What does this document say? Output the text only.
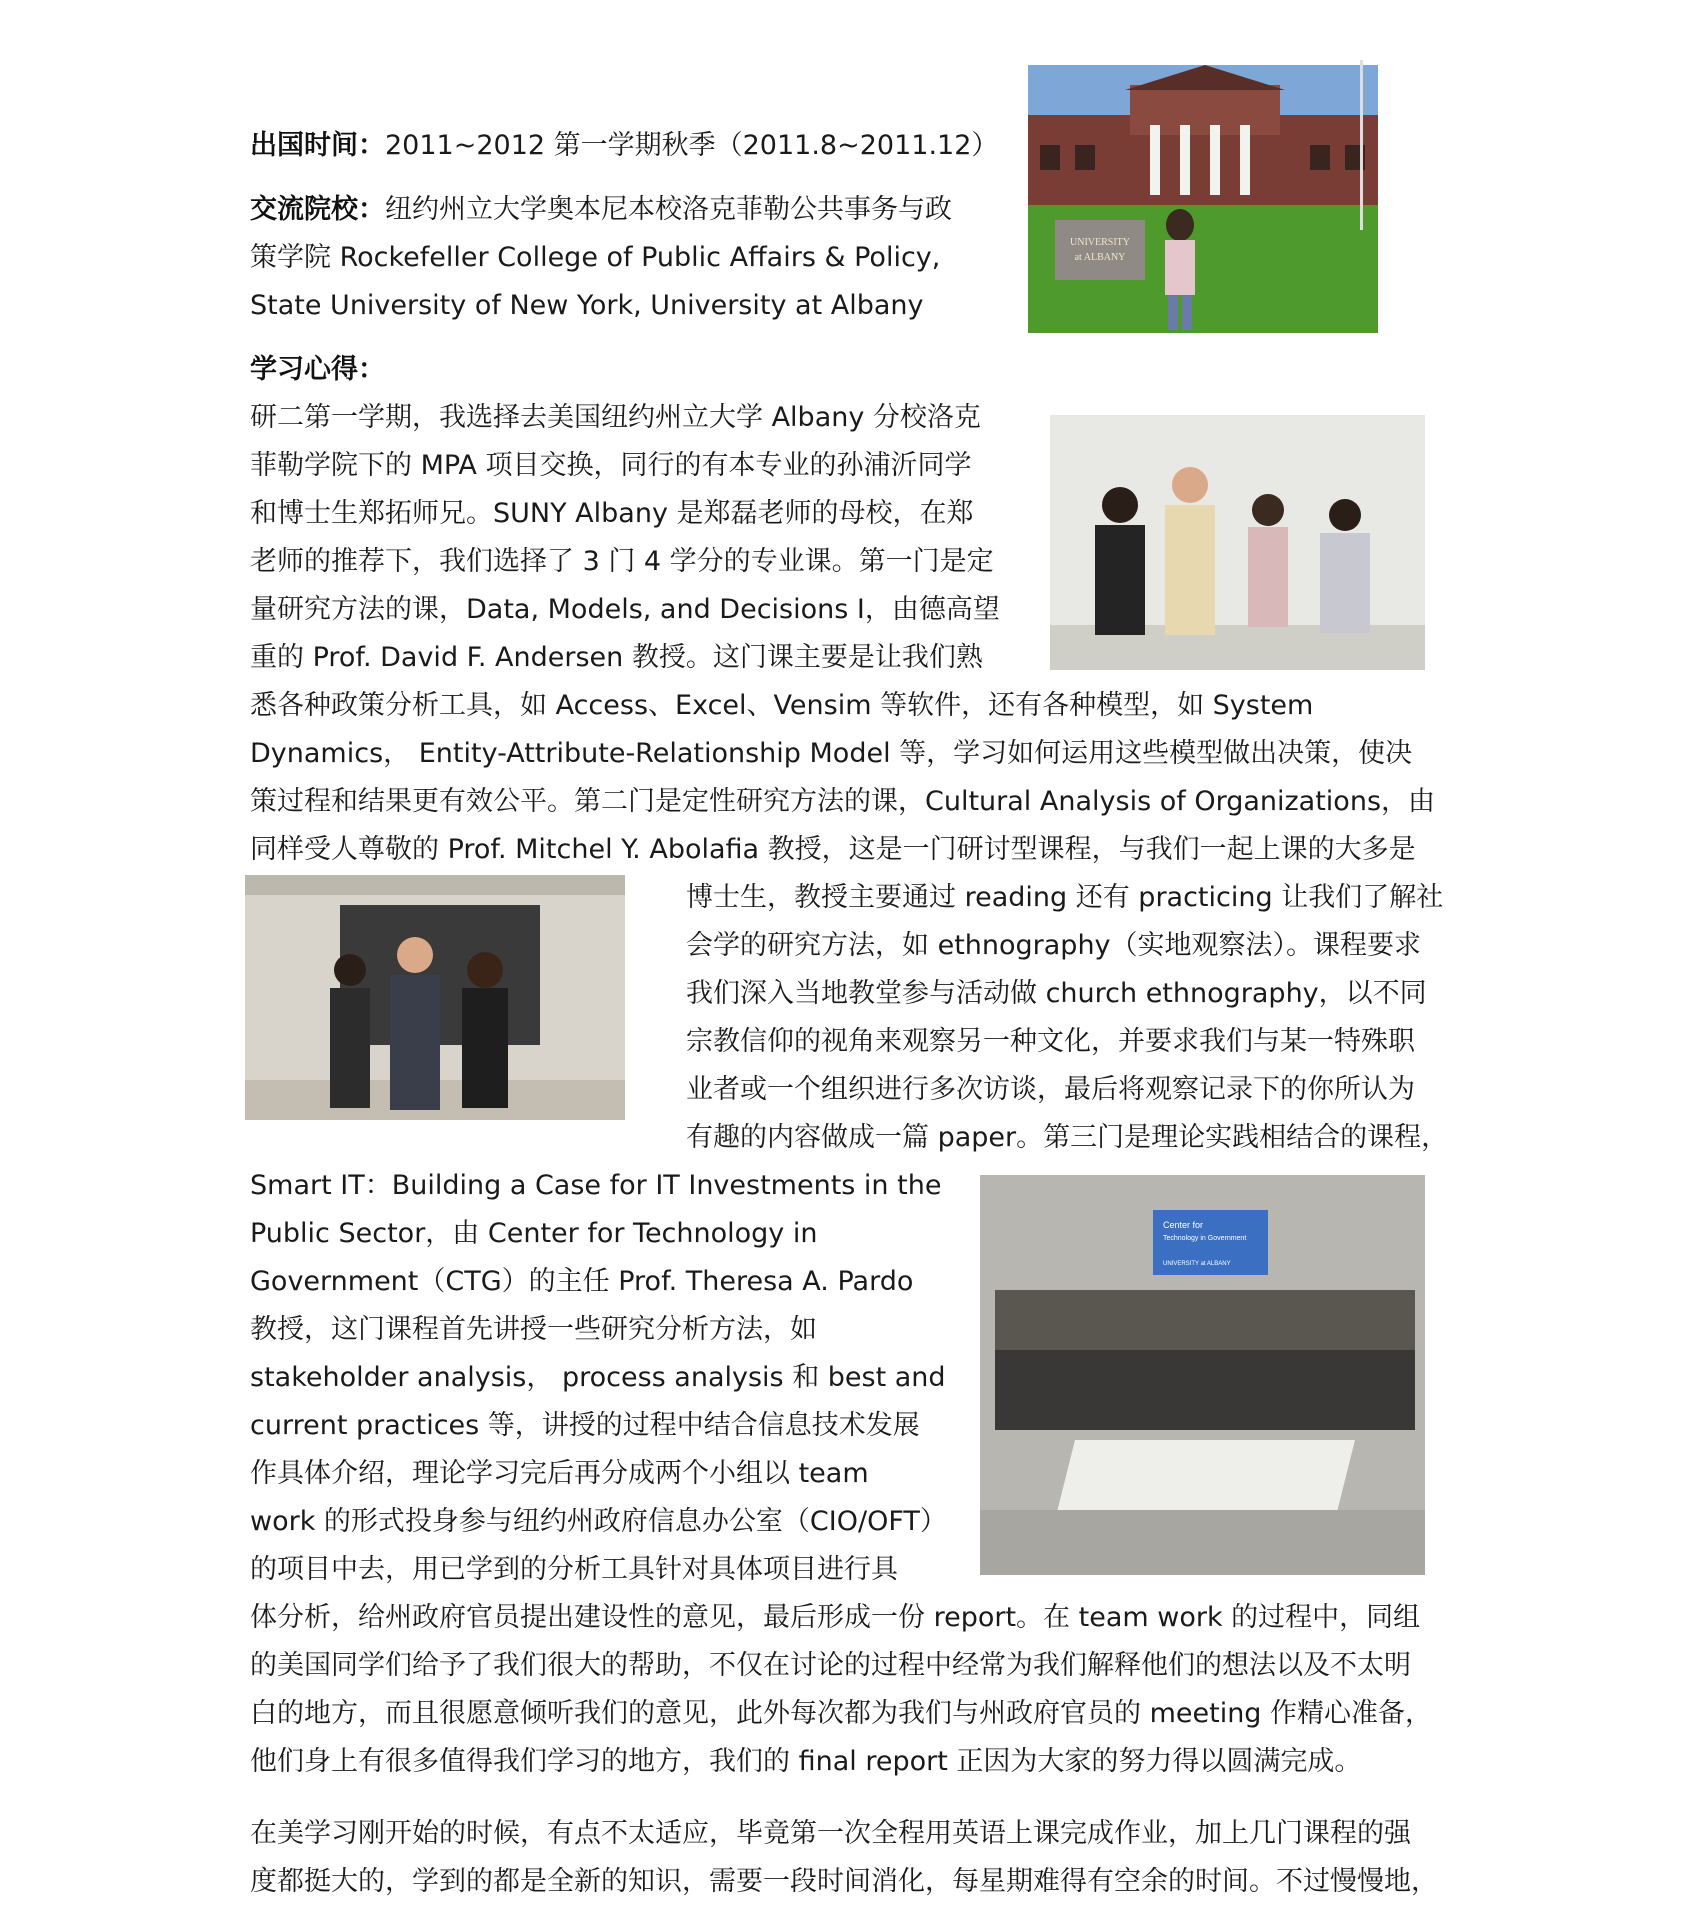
出国时间：2011~2012 第一学期秋季（2011.8~2011.12）
交流院校：纽约州立大学奥本尼本校洛克菲勒公共事务与政
策学院 Rockefeller College of Public Affairs & Policy,
State University of New York, University at Albany
学习心得：
研二第一学期，我选择去美国纽约州立大学 Albany 分校洛克
菲勒学院下的 MPA 项目交换，同行的有本专业的孙浦沂同学
和博士生郑拓师兄。SUNY Albany 是郑磊老师的母校，在郑
老师的推荐下，我们选择了 3 门 4 学分的专业课。第一门是定
量研究方法的课，Data, Models, and Decisions I，由德高望
重的 Prof. David F. Andersen 教授。这门课主要是让我们熟
悉各种政策分析工具，如 Access、Excel、Vensim 等软件，还有各种模型，如 System
Dynamics， Entity-Attribute-Relationship Model 等，学习如何运用这些模型做出决策，使决
策过程和结果更有效公平。第二门是定性研究方法的课，Cultural Analysis of Organizations，由
同样受人尊敬的 Prof. Mitchel Y. Abolafia 教授，这是一门研讨型课程，与我们一起上课的大多是
博士生，教授主要通过 reading 还有 practicing 让我们了解社
会学的研究方法，如 ethnography（实地观察法）。课程要求
我们深入当地教堂参与活动做 church ethnography，以不同
宗教信仰的视角来观察另一种文化，并要求我们与某一特殊职
业者或一个组织进行多次访谈，最后将观察记录下的你所认为
有趣的内容做成一篇 paper。第三门是理论实践相结合的课程，
Smart IT：Building a Case for IT Investments in the
Public Sector，由 Center for Technology in
Government（CTG）的主任 Prof. Theresa A. Pardo
教授，这门课程首先讲授一些研究分析方法，如
stakeholder analysis， process analysis 和 best and
current practices 等，讲授的过程中结合信息技术发展
作具体介绍，理论学习完后再分成两个小组以 team
work 的形式投身参与纽约州政府信息办公室（CIO/OFT）
的项目中去，用已学到的分析工具针对具体项目进行具
体分析，给州政府官员提出建设性的意见，最后形成一份 report。在 team work 的过程中，同组
的美国同学们给予了我们很大的帮助，不仅在讨论的过程中经常为我们解释他们的想法以及不太明
白的地方，而且很愿意倾听我们的意见，此外每次都为我们与州政府官员的 meeting 作精心准备，
他们身上有很多值得我们学习的地方，我们的 final report 正因为大家的努力得以圆满完成。
在美学习刚开始的时候，有点不太适应，毕竟第一次全程用英语上课完成作业，加上几门课程的强
度都挺大的，学到的都是全新的知识，需要一段时间消化，每星期难得有空余的时间。不过慢慢地，
UNIVERSITY
at ALBANY
Center for
Technology in Government
UNIVERSITY at ALBANY
